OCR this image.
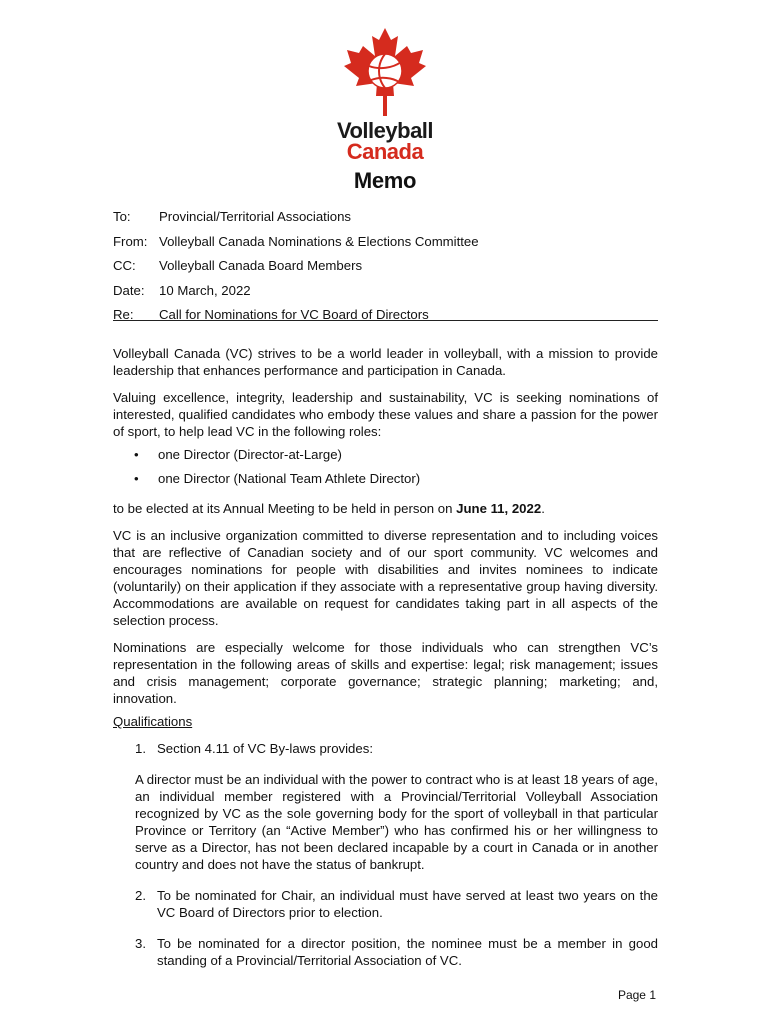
Volleyball
Canada
Memo
To:	Provincial/Territorial Associations
From: Volleyball Canada Nominations & Elections Committee
CC:	Volleyball Canada Board Members
Date:	10 March, 2022
Re:	Call for Nominations for VC Board of Directors

Volleyball Canada (VC) strives to be a world leader in volleyball, with a mission to provide leadership that enhances performance and participation in Canada.

Valuing excellence, integrity, leadership and sustainability, VC is seeking nominations of interested, qualified candidates who embody these values and share a passion for the power of sport, to help lead VC in the following roles:

• one Director (Director-at-Large)
• one Director (National Team Athlete Director)

to be elected at its Annual Meeting to be held in person on June 11, 2022.

VC is an inclusive organization committed to diverse representation and to including voices that are reflective of Canadian society and of our sport community. VC welcomes and encourages nominations for people with disabilities and invites nominees to indicate (voluntarily) on their application if they associate with a representative group having diversity. Accommodations are available on request for candidates taking part in all aspects of the selection process.

Nominations are especially welcome for those individuals who can strengthen VC’s representation in the following areas of skills and expertise: legal; risk management; issues and crisis management; corporate governance; strategic planning; marketing; and, innovation.

Qualifications

1. Section 4.11 of VC By-laws provides:

A director must be an individual with the power to contract who is at least 18 years of age, an individual member registered with a Provincial/Territorial Volleyball Association recognized by VC as the sole governing body for the sport of volleyball in that particular Province or Territory (an “Active Member”) who has confirmed his or her willingness to serve as a Director, has not been declared incapable by a court in Canada or in another country and does not have the status of bankrupt.

2. To be nominated for Chair, an individual must have served at least two years on the VC Board of Directors prior to election.
3. To be nominated for a director position, the nominee must be a member in good standing of a Provincial/Territorial Association of VC.
Page 1
